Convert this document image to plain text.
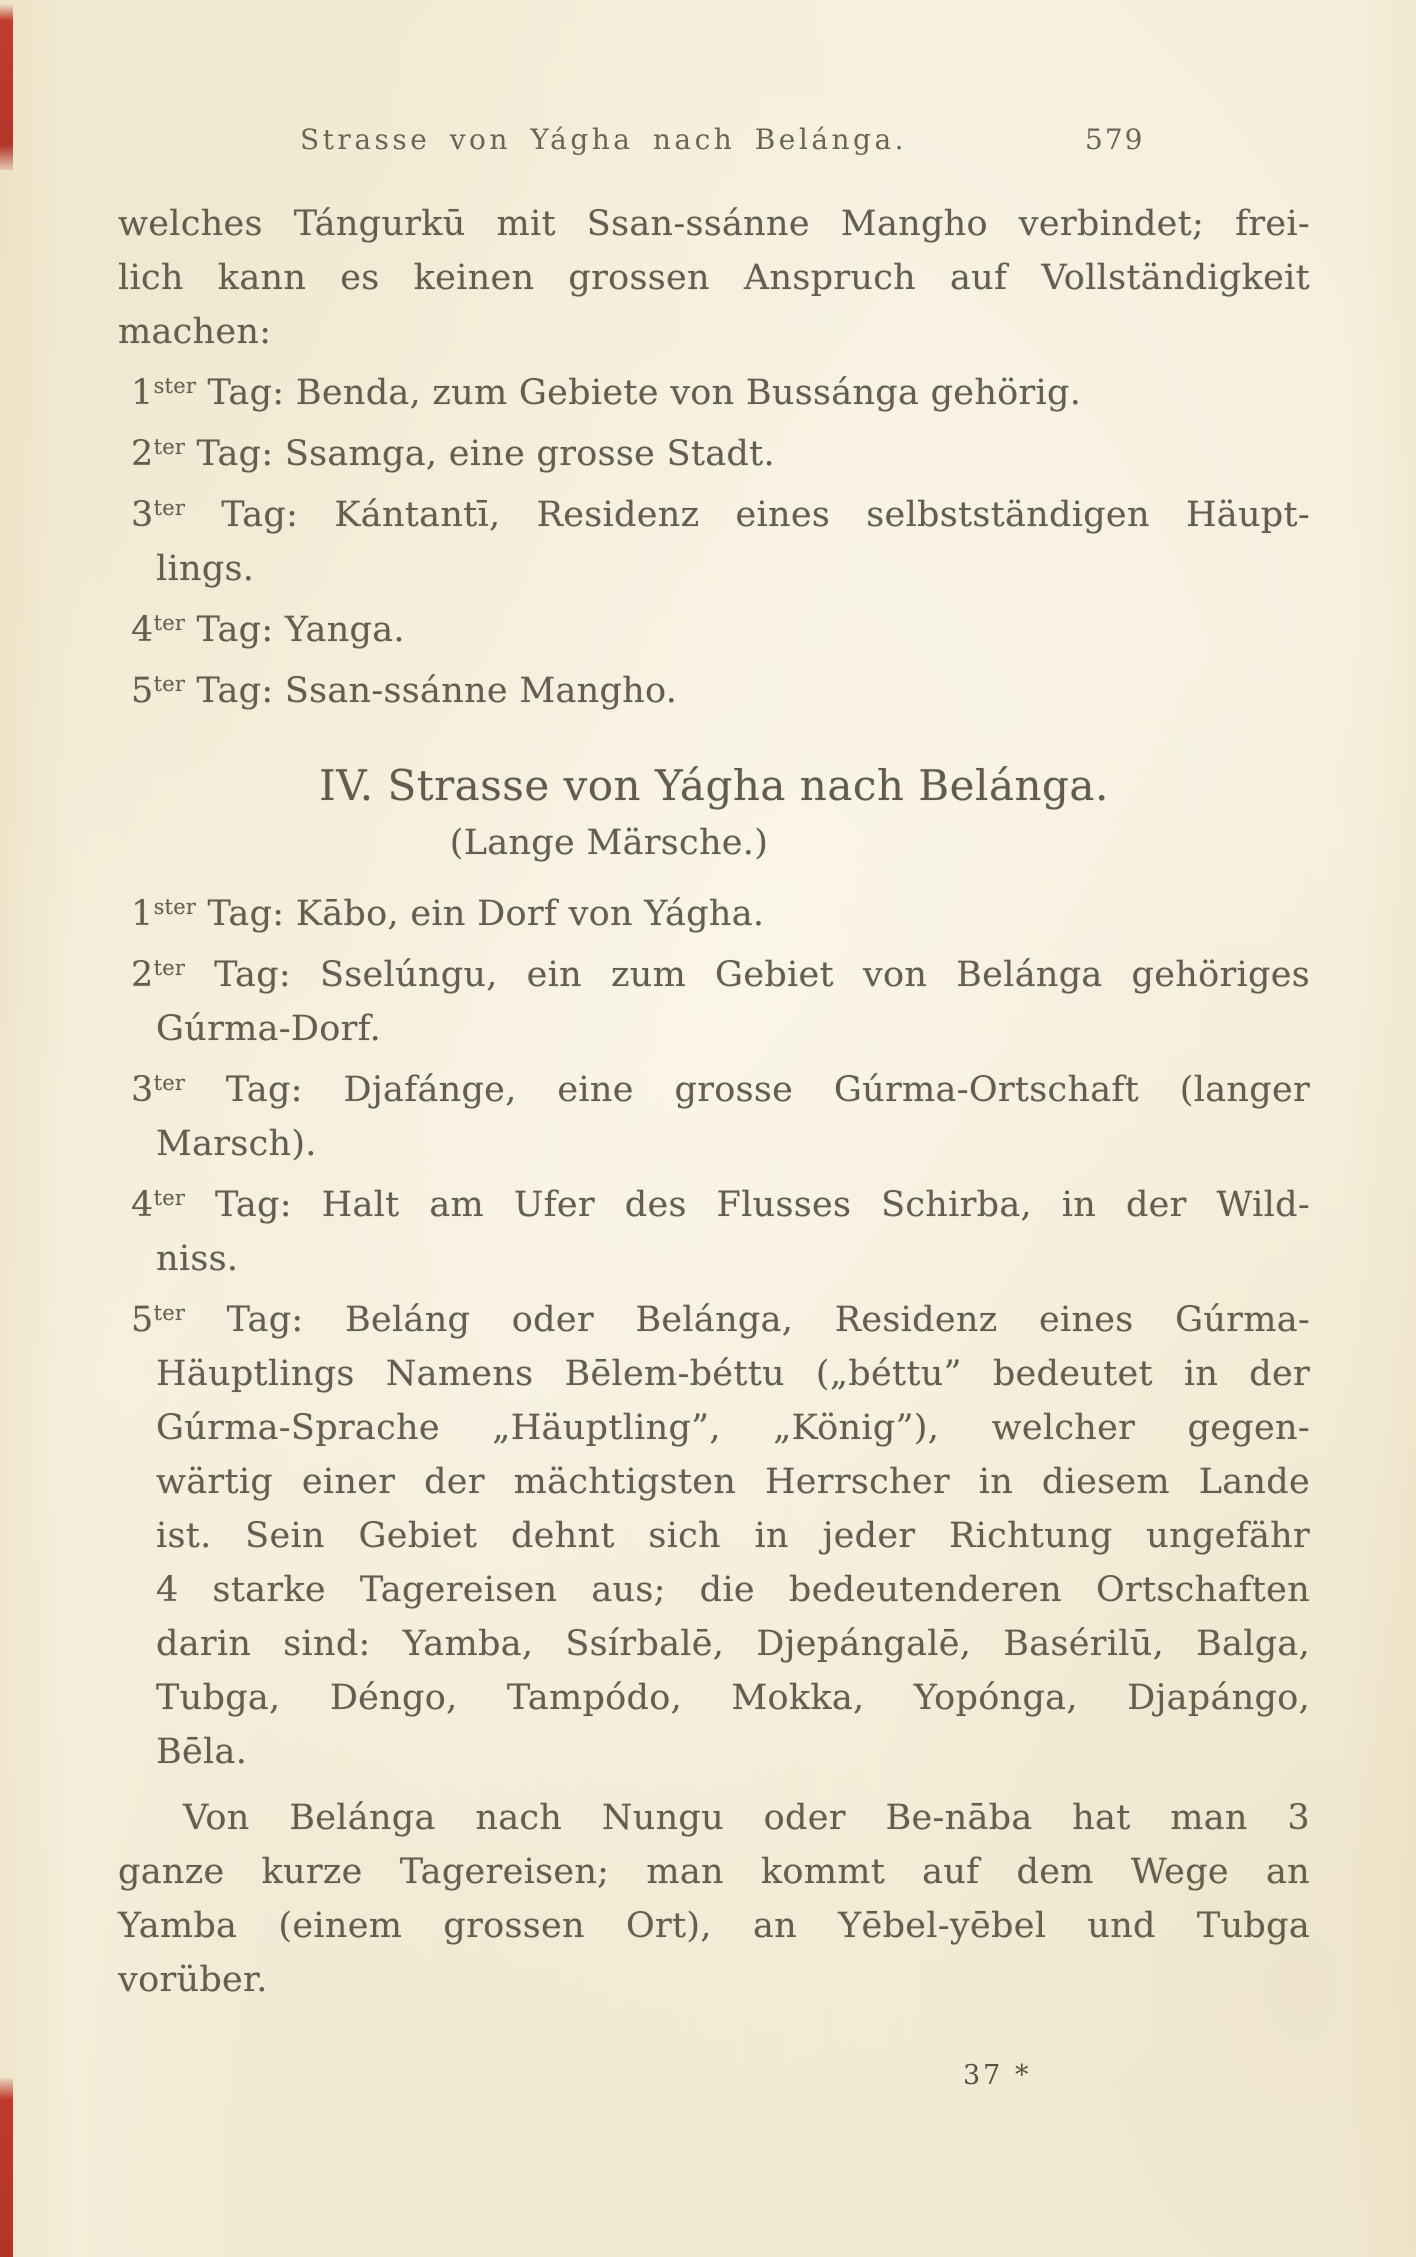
Strasse von Yágha nach Belánga.	579

welches Tángurkū mit Ssan-ssánne Mangho verbindet; frei-

lich kann es keinen grossen Anspruch auf Vollständigkeit

machen:

$1^{ster}$ Tag: Benda, zum Gebiete von Bussánga gehörig.

$2^{ter}$ Tag: Ssamga, eine grosse Stadt.

$3^{ter}$ Tag: Kántantī, Residenz eines selbstständigen Häupt-

lings.

$4^{ter}$ Tag: Yanga.

$5^{ter}$ Tag: Ssan-ssánne Mangho.

IV. Strasse von Yágha nach Belánga.
(Lange Märsche.)

$1^{ster}$ Tag: Kābo, ein Dorf von Yágha.

$2^{ter}$ Tag: Sselúngu, ein zum Gebiet von Belánga gehöriges

Gúrma-Dorf.

$3^{ter}$ Tag: Djafánge, eine grosse Gúrma-Ortschaft (langer

Marsch).

$4^{ter}$ Tag: Halt am Ufer des Flusses Schirba, in der Wild-

niss.

$5^{ter}$ Tag: Beláng oder Belánga, Residenz eines Gúrma-

Häuptlings Namens Bēlem-béttu („béttu” bedeutet in der

Gúrma-Sprache „Häuptling”, „König”), welcher gegen-

wärtig einer der mächtigsten Herrscher in diesem Lande

ist. Sein Gebiet dehnt sich in jeder Richtung ungefähr

4 starke Tagereisen aus; die bedeutenderen Ortschaften

darin sind: Yamba, Ssírbalē, Djepángalē, Basérilū, Balga,

Tubga, Déngo, Tampódo, Mokka, Yopónga, Djapángo,

Bēla.

Von Belánga nach Nungu oder Be-nāba hat man 3

ganze kurze Tagereisen; man kommt auf dem Wege an

Yamba (einem grossen Ort), an Yēbel-yēbel und Tubga

vorüber.

37 *
